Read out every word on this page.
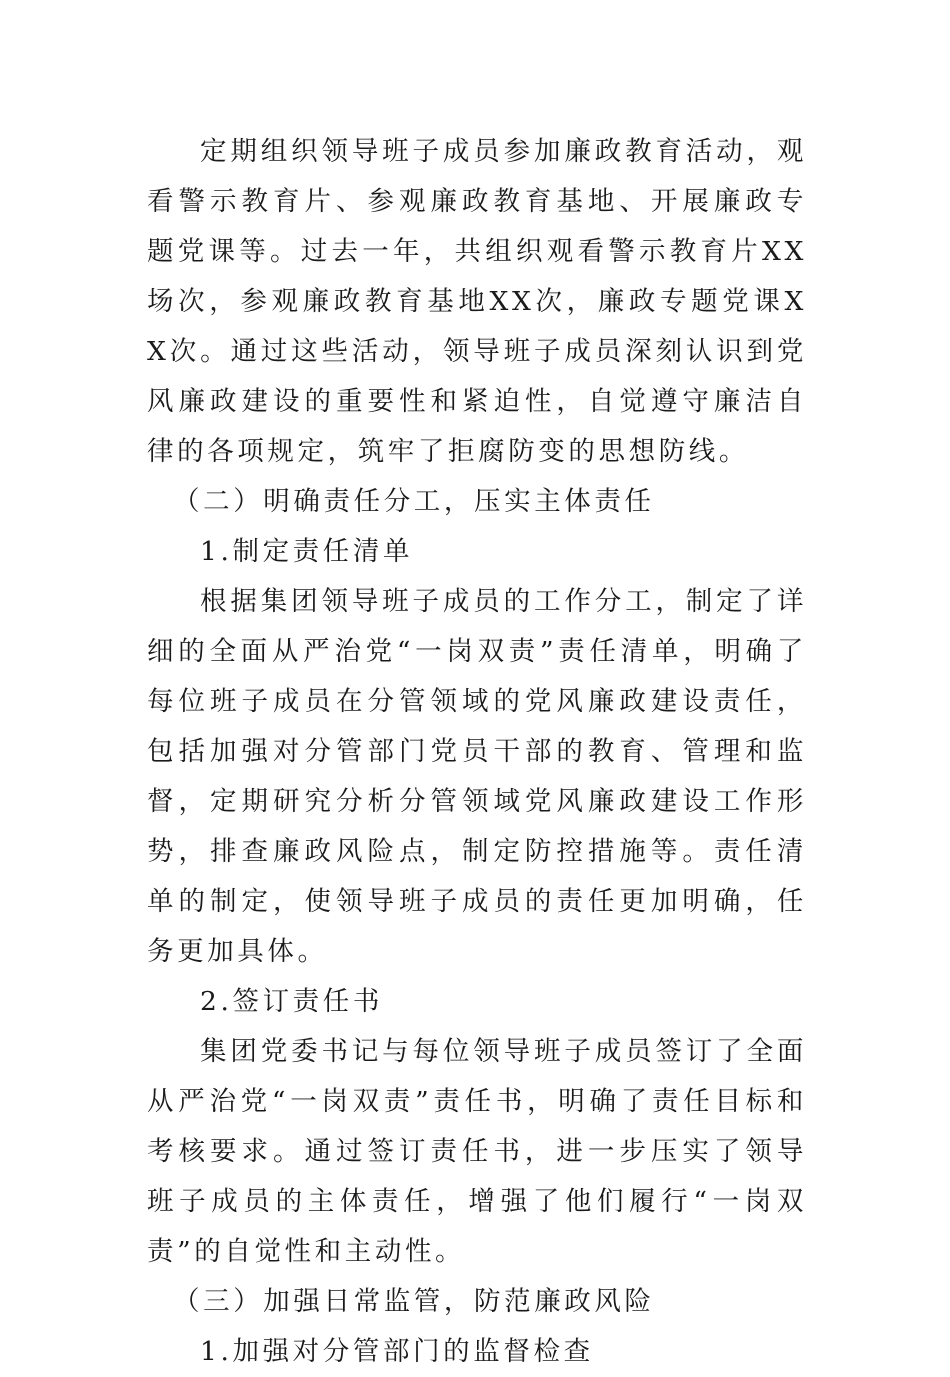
定期组织领导班子成员参加廉政教育活动，观看警示教育片、参观廉政教育基地、开展廉政专题党课等。过去一年，共组织观看警示教育片XX场次，参观廉政教育基地XX次，廉政专题党课XX次。通过这些活动，领导班子成员深刻认识到党风廉政建设的重要性和紧迫性，自觉遵守廉洁自律的各项规定，筑牢了拒腐防变的思想防线。

（二）明确责任分工，压实主体责任

1.制定责任清单

根据集团领导班子成员的工作分工，制定了详细的全面从严治党“一岗双责”责任清单，明确了每位班子成员在分管领域的党风廉政建设责任，包括加强对分管部门党员干部的教育、管理和监督，定期研究分析分管领域党风廉政建设工作形势，排查廉政风险点，制定防控措施等。责任清单的制定，使领导班子成员的责任更加明确，任务更加具体。

2.签订责任书

集团党委书记与每位领导班子成员签订了全面从严治党“一岗双责”责任书，明确了责任目标和考核要求。通过签订责任书，进一步压实了领导班子成员的主体责任，增强了他们履行“一岗双责”的自觉性和主动性。

（三）加强日常监管，防范廉政风险

1.加强对分管部门的监督检查
